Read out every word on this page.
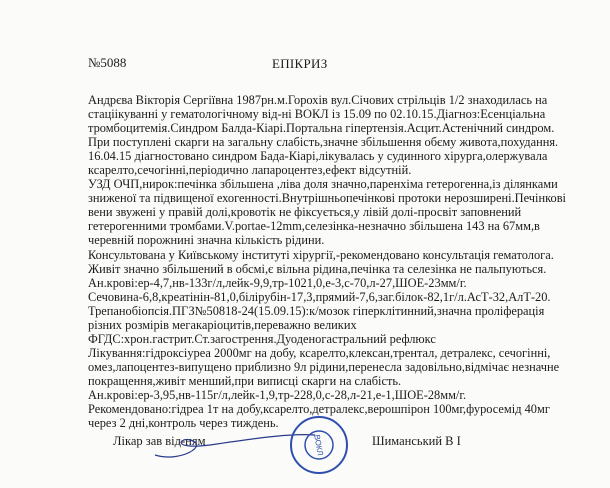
№5088	ЕПІКРИЗ
Андрєва Вікторія Сергіївна 1987рн.м.Горохів вул.Січових стрільців 1/2 знаходилась на
стаціікуванні у гематологічному від-ні ВОКЛ із 15.09 по 02.10.15.Діагноз:Есенціальна
тромбоцитемія.Синдром Балда-Кіарі.Портальна гіпертензія.Асцит.Астенічний синдром.
При поступлені скарги на загальну слабість,значне збільшення обєму живота,похудання.
16.04.15 діагностовано синдром Бада-Кіарі,лікувалась у судинного хірурга,олержувала
ксарелто,сечогінні,періодично лапароцентез,ефект відсутній.
УЗД ОЧП,нирок:печінка збільшена ,ліва доля значно,паренхіма гетерогенна,із ділянками
зниженої та підвищеної ехогенності.Внутрішньопечінкові протоки нерозширені.Печінкові
вени звужені у правій долі,кровотік не фіксується,у лівій долі-просвіт заповнений
гетерогенними тромбами.V.portae-12mm,селезінка-незначно збільшена 143 на 67мм,в
черевній порожнині значна кількість рідини.
Консультована у Київському інституті хірургії,-рекомендовано консультація гематолога.
Живіт значно збільшений в обсмі,є вільна рідина,печінка та селезінка не пальпуються.
Ан.крові:ер-4,7,нв-133г/л,лейк-9,9,тр-1021,0,е-3,с-70,л-27,ШОЕ-23мм/г.
Сечовина-6,8,креатінін-81,0,білірубін-17,3,прямий-7,6,заг.білок-82,1г/л.АсТ-32,АлТ-20.
Трепанобіопсія.ПГЗ№50818-24(15.09.15):к/мозок гіперклітинний,значна проліферація
різних розмірів мегакаріоцитів,переважно великих
ФГДС:хрон.гастрит.Ст.загострення.Дуоденогастральний рефлюкс
Лікування:гідроксіуреа 2000мг на добу, ксарелто,клексан,трентал, детралекс, сечогінні,
омез,лапоцентез-випущено приблизно 9л рідини,перенесла задовільно,відмічає незначне
покращення,живіт менший,при виписці скарги на слабість.
Ан.крові:ер-3,95,нв-115г/л,лейк-1,9,тр-228,0,с-28,л-21,е-1,ШОЕ-28мм/г.
Рекомендовано:гідреа 1т на добу,ксарелто,детралекс,верошпірон 100мг,фуросемід 40мг
через 2 дні,контроль через тиждень.
Лікар зав від-ням	ВОКЛ	Шиманський В І
